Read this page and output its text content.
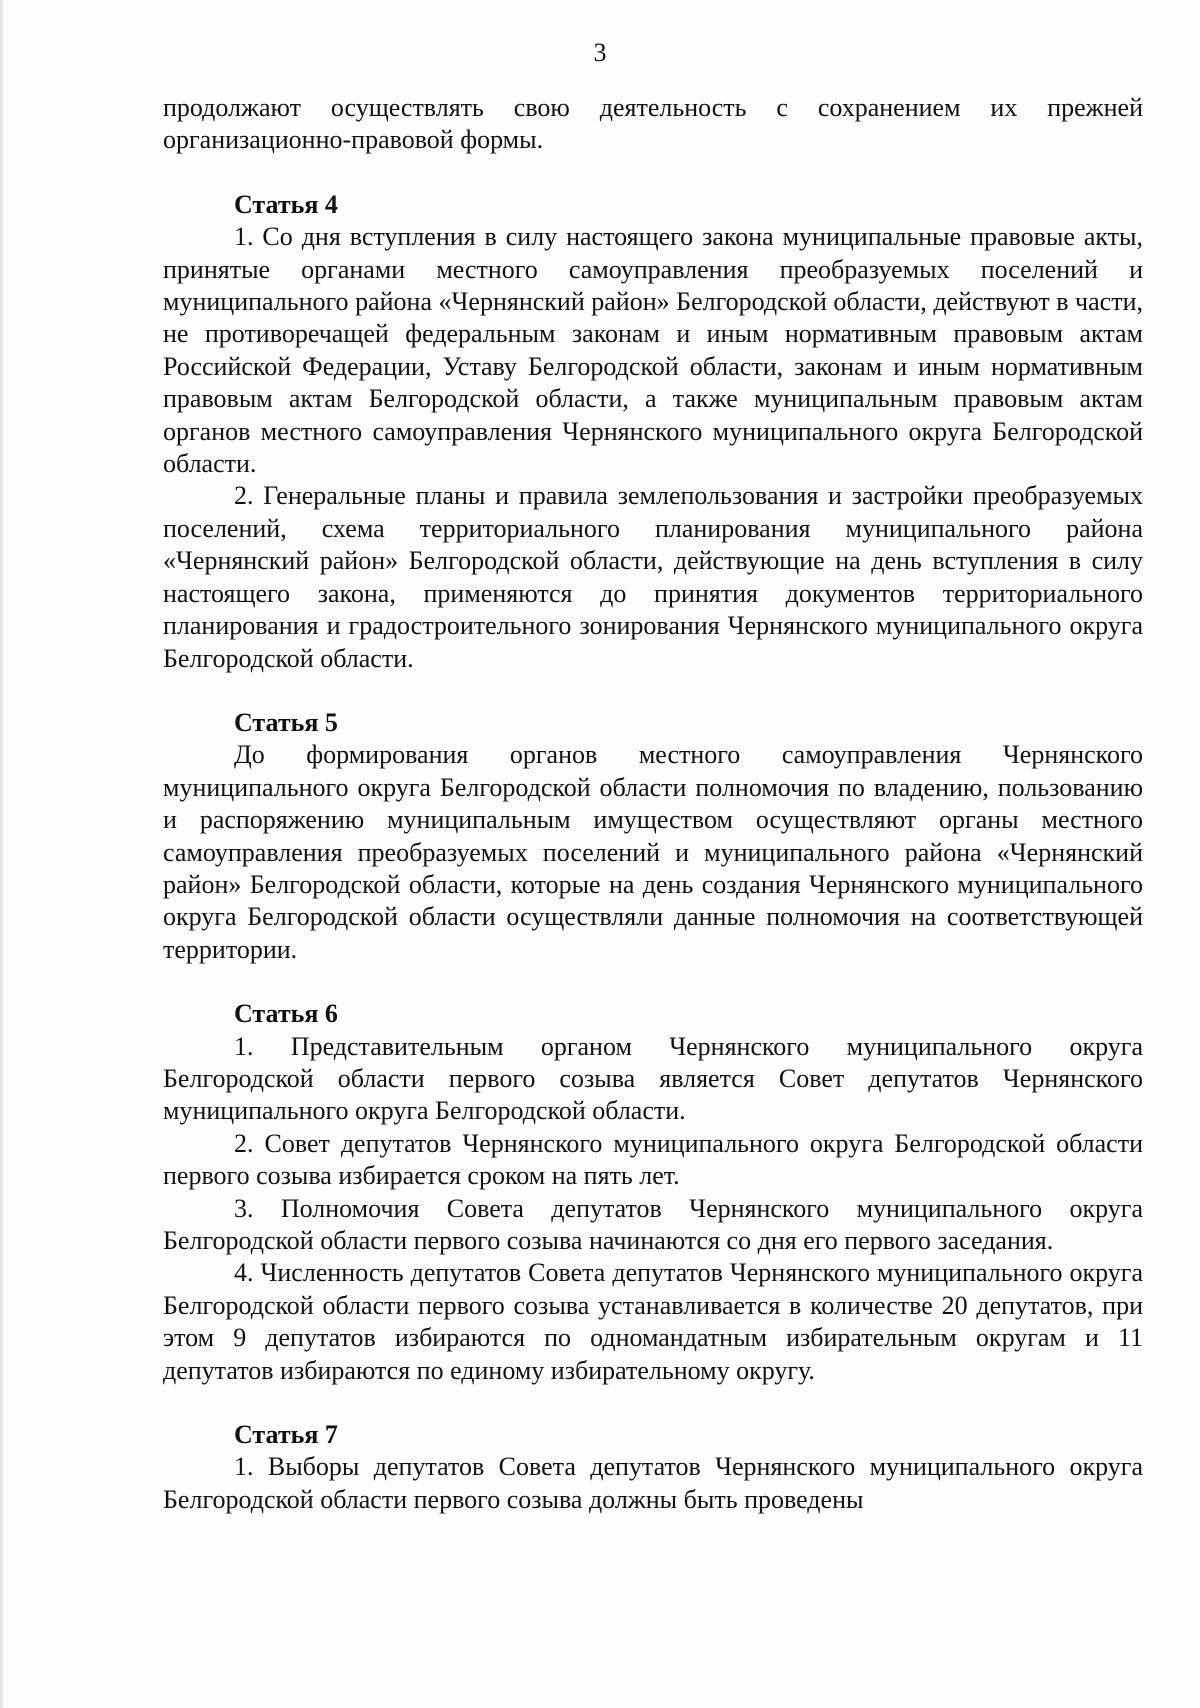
3

продолжают осуществлять свою деятельность с сохранением их прежней организационно-правовой формы.

Статья 4

1. Со дня вступления в силу настоящего закона муниципальные правовые акты, принятые органами местного самоуправления преобразуемых поселений и муниципального района «Чернянский район» Белгородской области, действуют в части, не противоречащей федеральным законам и иным нормативным правовым актам Российской Федерации, Уставу Белгородской области, законам и иным нормативным правовым актам Белгородской области, а также муниципальным правовым актам органов местного самоуправления Чернянского муниципального округа Белгородской области.

2. Генеральные планы и правила землепользования и застройки преобразуемых поселений, схема территориального планирования муниципального района «Чернянский район» Белгородской области, действующие на день вступления в силу настоящего закона, применяются до принятия документов территориального планирования и градостроительного зонирования Чернянского муниципального округа Белгородской области.

Статья 5

До формирования органов местного самоуправления Чернянского муниципального округа Белгородской области полномочия по владению, пользованию и распоряжению муниципальным имуществом осуществляют органы местного самоуправления преобразуемых поселений и муниципального района «Чернянский район» Белгородской области, которые на день создания Чернянского муниципального округа Белгородской области осуществляли данные полномочия на соответствующей территории.

Статья 6

1. Представительным органом Чернянского муниципального округа Белгородской области первого созыва является Совет депутатов Чернянского муниципального округа Белгородской области.

2. Совет депутатов Чернянского муниципального округа Белгородской области первого созыва избирается сроком на пять лет.

3. Полномочия Совета депутатов Чернянского муниципального округа Белгородской области первого созыва начинаются со дня его первого заседания.

4. Численность депутатов Совета депутатов Чернянского муниципального округа Белгородской области первого созыва устанавливается в количестве 20 депутатов, при этом 9 депутатов избираются по одномандатным избирательным округам и 11 депутатов избираются по единому избирательному округу.

Статья 7

1. Выборы депутатов Совета депутатов Чернянского муниципального округа Белгородской области первого созыва должны быть проведены
